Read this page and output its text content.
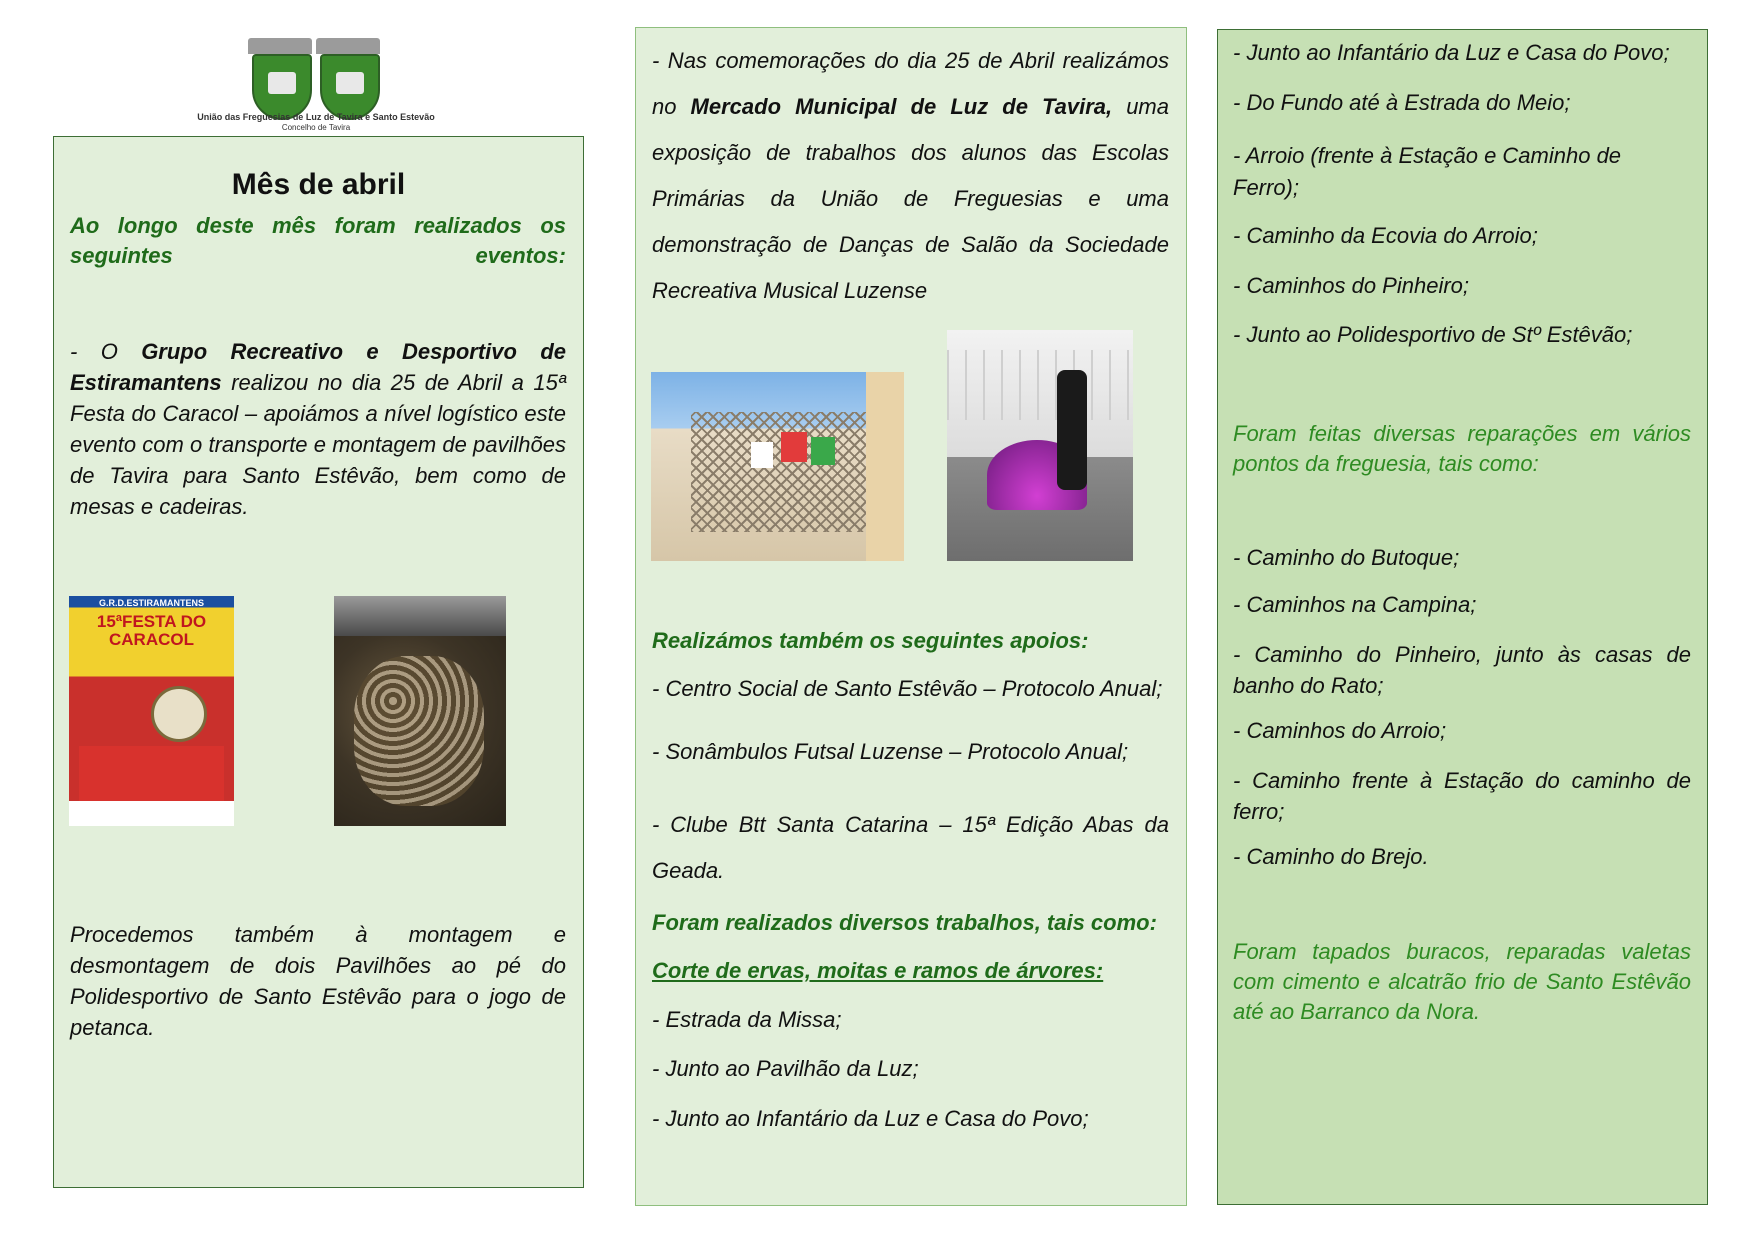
União das Freguesias de Luz de Tavira e Santo Estevão
Concelho de Tavira
Mês de abril

Ao longo deste mês foram realizados os seguintes eventos:

- O Grupo Recreativo e Desportivo de Estiramantens realizou no dia 25 de Abril a 15ª Festa do Caracol – apoiámos a nível logístico este evento com o transporte e montagem de pavilhões de Tavira para Santo Estêvão, bem como de mesas e cadeiras.

G.R.D.ESTIRAMANTENS
15ªFESTA DO
CARACOL

Procedemos também à montagem e desmontagem de dois Pavilhões ao pé do Polidesportivo de Santo Estêvão para o jogo de petanca.

- Nas comemorações do dia 25 de Abril realizámos no Mercado Municipal de Luz de Tavira, uma exposição de trabalhos dos alunos das Escolas Primárias da União de Freguesias e uma demonstração de Danças de Salão da Sociedade Recreativa Musical Luzense

Realizámos também os seguintes apoios:

- Centro Social de Santo Estêvão – Protocolo Anual;

- Sonâmbulos Futsal Luzense – Protocolo Anual;

- Clube Btt Santa Catarina – 15ª Edição Abas da Geada.

Foram realizados diversos trabalhos, tais como:

Corte de ervas, moitas e ramos de árvores:

- Estrada da Missa;

- Junto ao Pavilhão da Luz;

- Junto ao Infantário da Luz e Casa do Povo;

- Junto ao Infantário da Luz e Casa do Povo;

- Do Fundo até à Estrada do Meio;

- Arroio (frente à Estação e Caminho de Ferro);

- Caminho da Ecovia do Arroio;

- Caminhos do Pinheiro;

- Junto ao Polidesportivo de Stº Estêvão;

Foram feitas diversas reparações em vários pontos da freguesia, tais como:

- Caminho do Butoque;

- Caminhos na Campina;

- Caminho do Pinheiro, junto às casas de banho do Rato;

- Caminhos do Arroio;

- Caminho frente à Estação do caminho de ferro;

- Caminho do Brejo.

Foram tapados buracos, reparadas valetas com cimento e alcatrão frio de Santo Estêvão até ao Barranco da Nora.
